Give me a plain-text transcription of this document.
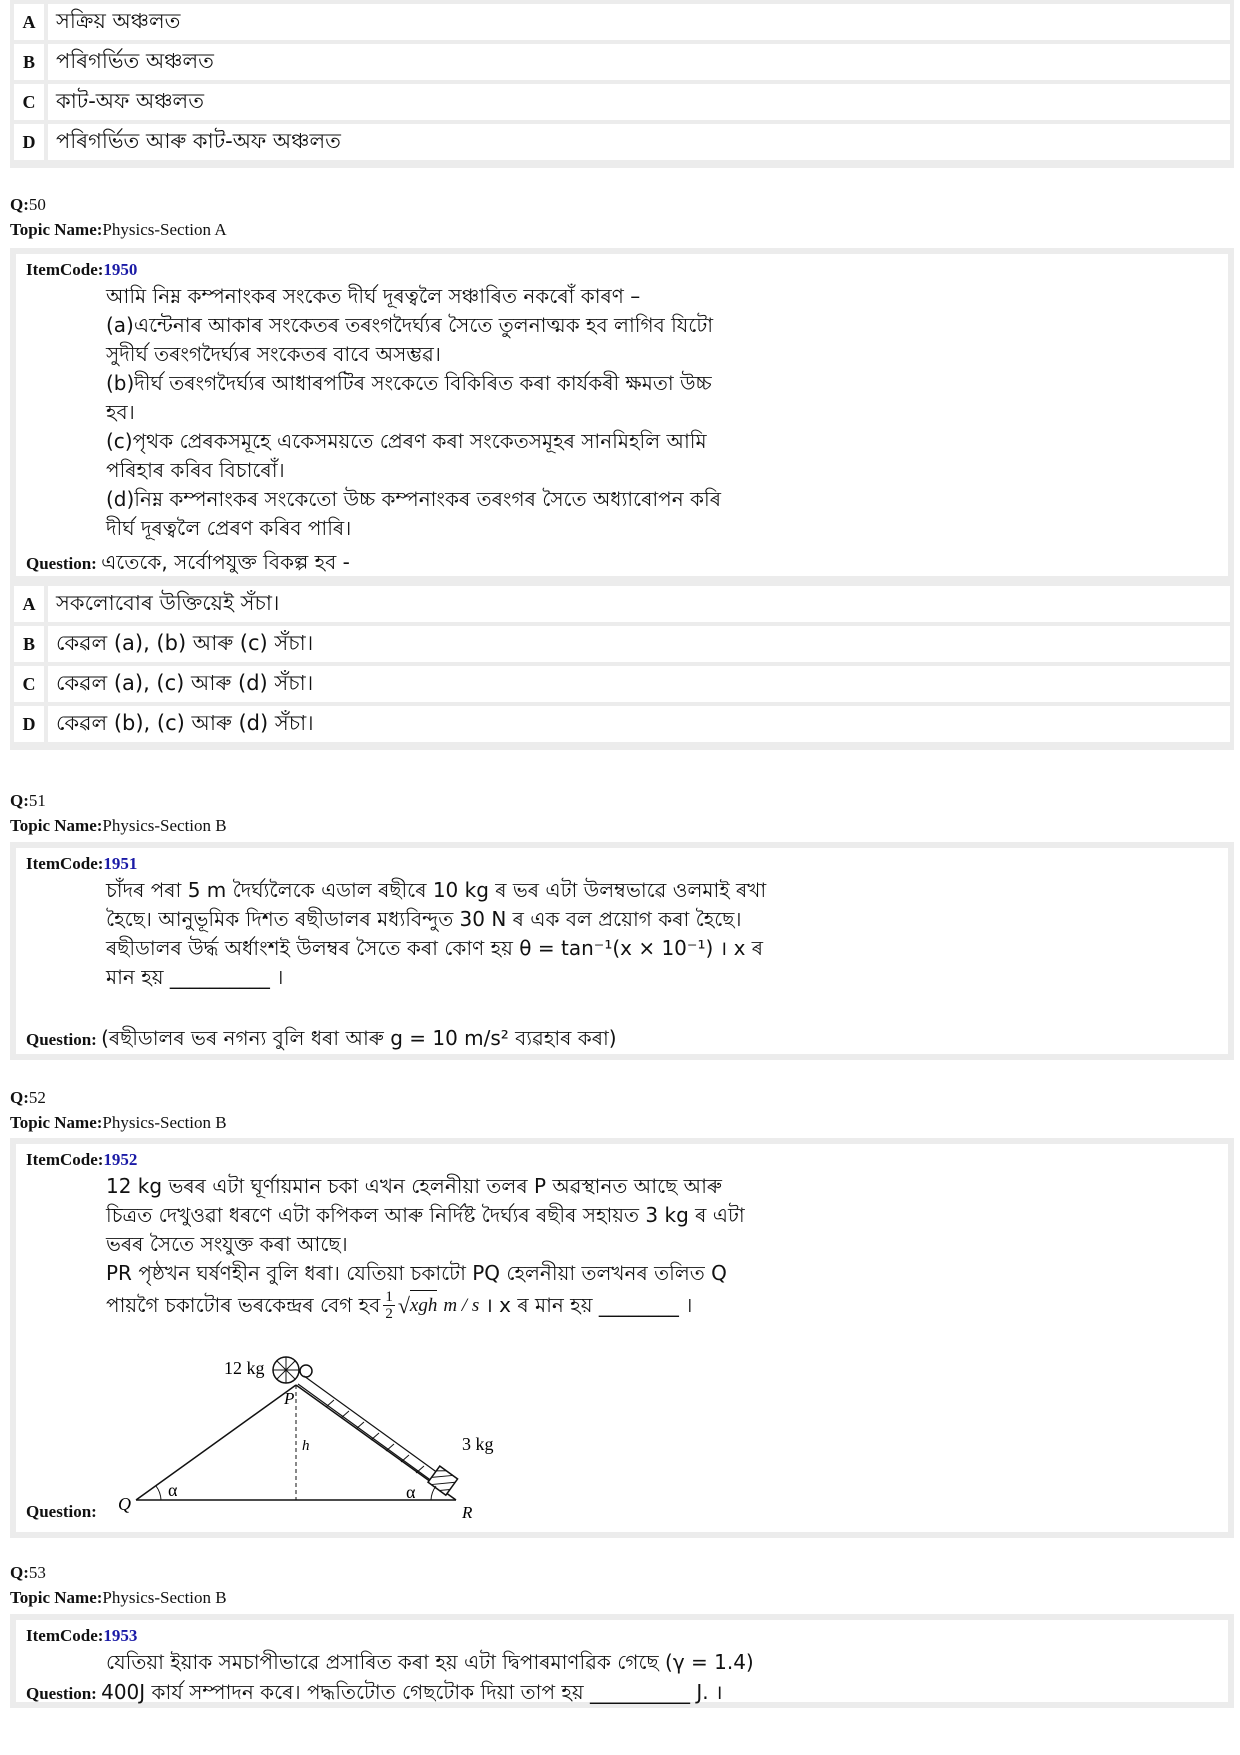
A সক্ৰিয় অঞ্চলত
B	পৰিগৰ্ভিত অঞ্চলত
C কাট-অফ অঞ্চলত
D পৰিগৰ্ভিত আৰু কাট-অফ অঞ্চলত
Q:50
Topic Name:Physics-Section A
ItemCode:1950
আমি নিম্ন কম্পনাংকৰ সংকেত দীৰ্ঘ দূৰত্বলৈ সঞ্চাৰিত নকৰোঁ কাৰণ –
(a)এন্টেনাৰ আকাৰ সংকেতৰ তৰংগদৈৰ্ঘ্যৰ সৈতে তুলনাত্মক হব লাগিব যিটো
সুদীৰ্ঘ তৰংগদৈৰ্ঘ্যৰ সংকেতৰ বাবে অসম্ভৱ।
(b)দীৰ্ঘ তৰংগদৈৰ্ঘ্যৰ আধাৰপটিৰ সংকেতে বিকিৰিত কৰা কাৰ্যকৰী ক্ষমতা উচ্চ
হব।
(c)পৃথক প্ৰেৰকসমূহে একেসময়তে প্ৰেৰণ কৰা সংকেতসমূহৰ সানমিহলি আমি
পৰিহাৰ কৰিব বিচাৰোঁ।
(d)নিম্ন কম্পনাংকৰ সংকেতো উচ্চ কম্পনাংকৰ তৰংগৰ সৈতে অধ্যাৰোপন কৰি
দীৰ্ঘ দূৰত্বলৈ প্ৰেৰণ কৰিব পাৰি।
Question: এতেকে, সৰ্বোপযুক্ত বিকল্প হব -
A সকলোবোৰ উক্তিয়েই সঁচা।
B	কেৱল (a), (b) আৰু (c) সঁচা।
C কেৱল (a), (c) আৰু (d) সঁচা।
D কেৱল (b), (c) আৰু (d) সঁচা।
Q:51
Topic Name:Physics-Section B
ItemCode:1951
চাঁদৰ পৰা 5 m দৈৰ্ঘ্যলৈকে এডাল ৰছীৰে 10 kg ৰ ভৰ এটা উলম্বভাৱে ওলমাই ৰখা
হৈছে। আনুভূমিক দিশত ৰছীডালৰ মধ্যবিন্দুত 30 N ৰ এক বল প্ৰয়োগ কৰা হৈছে।
ৰছীডালৰ উৰ্দ্ধ অৰ্ধাংশই উলম্বৰ সৈতে কৰা কোণ হয় θ = tan⁻¹(x × 10⁻¹) । x ৰ
মান হয় __________ ।
Question: (ৰছীডালৰ ভৰ নগন্য বুলি ধৰা আৰু g = 10 m/s² ব্যৱহাৰ কৰা)
Q:52
Topic Name:Physics-Section B
ItemCode:1952
12 kg ভৰৰ এটা ঘূৰ্ণায়মান চকা এখন হেলনীয়া তলৰ P অৱস্থানত আছে আৰু
চিত্ৰত দেখুওৱা ধৰণে এটা কপিকল আৰু নিৰ্দিষ্ট দৈৰ্ঘ্যৰ ৰছীৰ সহায়ত 3 kg ৰ এটা
ভৰৰ সৈতে সংযুক্ত কৰা আছে।
PR পৃষ্ঠখন ঘৰ্ষণহীন বুলি ধৰা। যেতিয়া চকাটো PQ হেলনীয়া তলখনৰ তলিত Q
পায়গৈ চকাটোৰ ভৰকেন্দ্ৰৰ বেগ হব 1
2 √ xgh m / s । x ৰ মান হয় ________ ।
12 kg
P
h
α	α
3 kg
Q	R
Question:
Q:53
Topic Name:Physics-Section B
ItemCode:1953
যেতিয়া ইয়াক সমচাপীভাৱে প্ৰসাৰিত কৰা হয় এটা দ্বিপাৰমাণৱিক গেছে (γ = 1.4)
Question: 400J কাৰ্য সম্পাদন কৰে। পদ্ধতিটোত গেছটোক দিয়া তাপ হয় __________ J. ।
